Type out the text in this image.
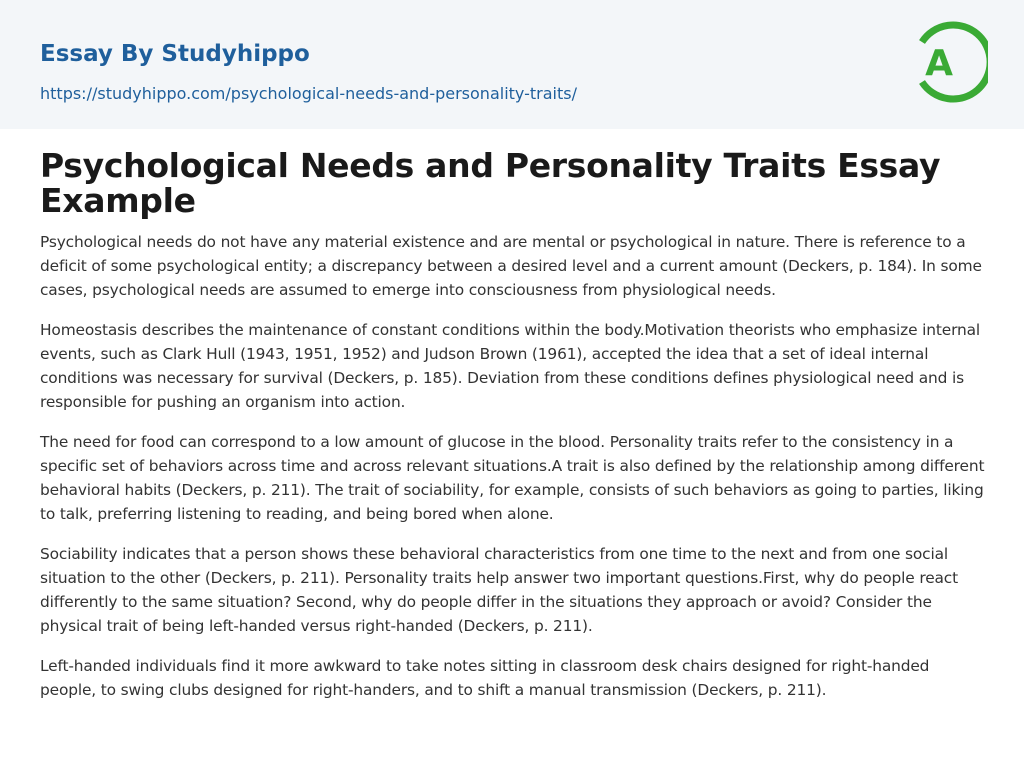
Essay By Studyhippo
https://studyhippo.com/psychological-needs-and-personality-traits/
A
Psychological Needs and Personality Traits Essay Example

Psychological needs do not have any material existence and are mental or psychological in nature. There is reference to a deficit of some psychological entity; a discrepancy between a desired level and a current amount (Deckers, p. 184). In some cases, psychological needs are assumed to emerge into consciousness from physiological needs.

Homeostasis describes the maintenance of constant conditions within the body.Motivation theorists who emphasize internal events, such as Clark Hull (1943, 1951, 1952) and Judson Brown (1961), accepted the idea that a set of ideal internal conditions was necessary for survival (Deckers, p. 185). Deviation from these conditions defines physiological need and is responsible for pushing an organism into action.

The need for food can correspond to a low amount of glucose in the blood. Personality traits refer to the consistency in a specific set of behaviors across time and across relevant situations.A trait is also defined by the relationship among different behavioral habits (Deckers, p. 211). The trait of sociability, for example, consists of such behaviors as going to parties, liking to talk, preferring listening to reading, and being bored when alone.

Sociability indicates that a person shows these behavioral characteristics from one time to the next and from one social situation to the other (Deckers, p. 211). Personality traits help answer two important questions.First, why do people react differently to the same situation? Second, why do people differ in the situations they approach or avoid? Consider the physical trait of being left-handed versus right-handed (Deckers, p. 211).

Left-handed individuals find it more awkward to take notes sitting in classroom desk chairs designed for right-handed people, to swing clubs designed for right-handers, and to shift a manual transmission (Deckers, p. 211).
